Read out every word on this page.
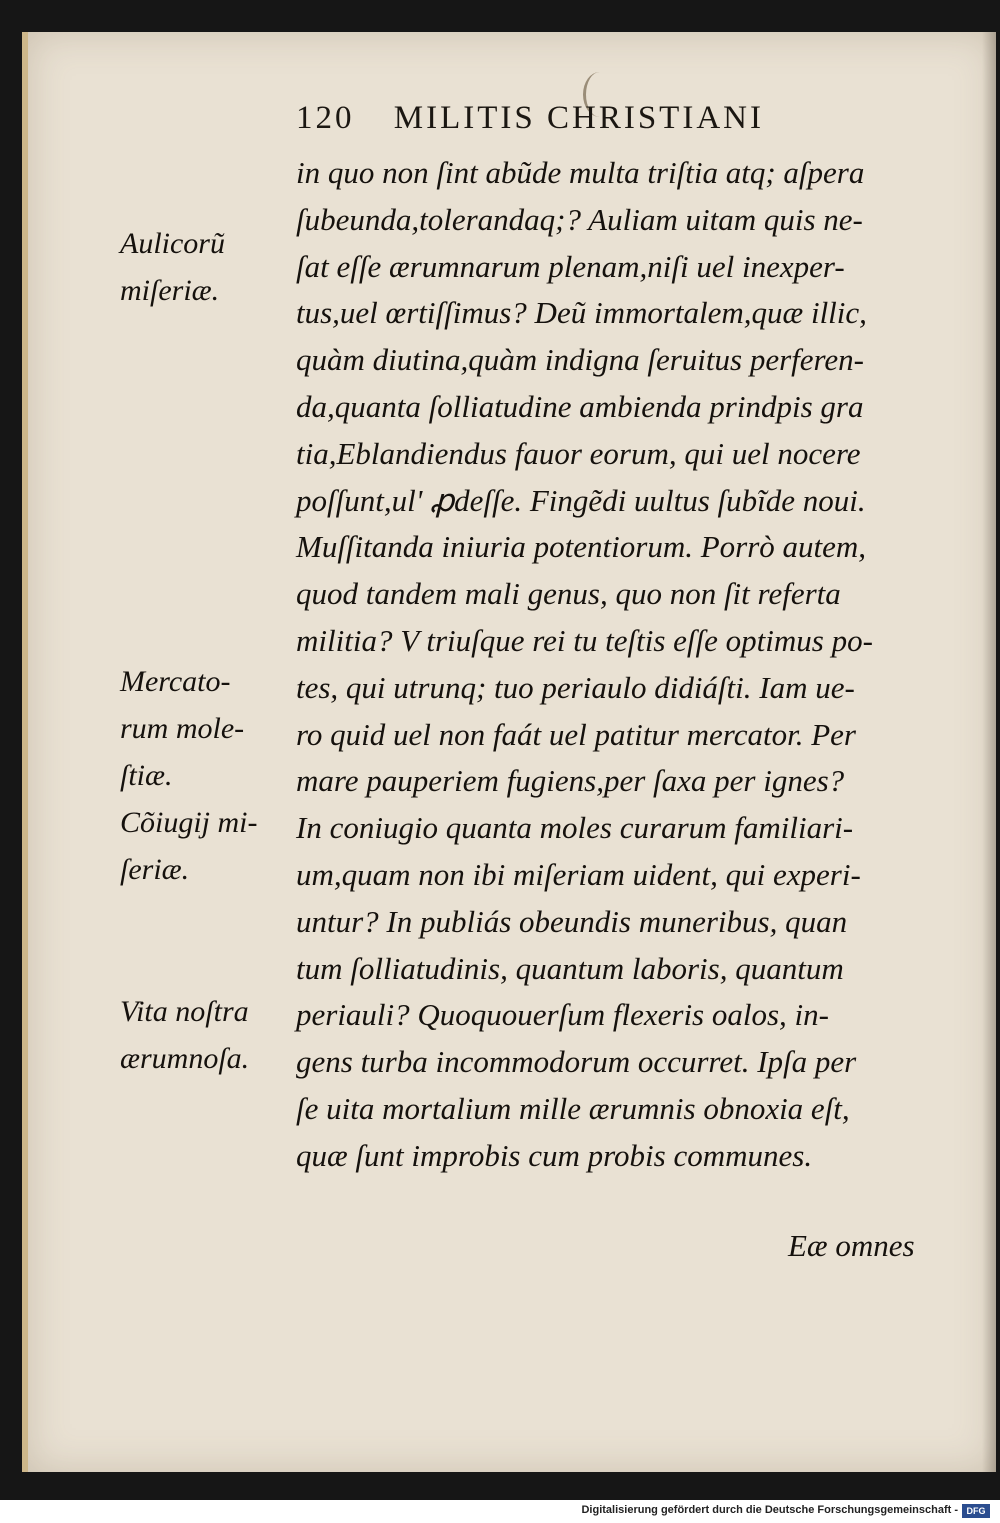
120 MILITIS CHRISTIANI
in quo non ſint abũde multa triſtia atq; aſpera
ſubeunda,tolerandaq;? Auliam uitam quis ne-
ſat eſſe ærumnarum plenam,niſi uel inexper-
tus,uel œrtiſſimus? Deũ immortalem,quæ illic,
quàm diutina,quàm indigna ſeruitus perferen-
da,quanta ſolliatudine ambienda prindpis gra
tia,Eblandiendus fauor eorum, qui uel nocere
poſſunt,ul' ꝓdeſſe. Fingẽdi uultus ſubĩde noui.
Muſſitanda iniuria potentiorum. Porrò autem,
quod tandem mali genus, quo non ſit referta
militia? V triuſque rei tu teſtis eſſe optimus po-
tes, qui utrunq; tuo periaulo didiáſti. Iam ue-
ro quid uel non faát uel patitur mercator. Per
mare pauperiem fugiens,per ſaxa per ignes?
In coniugio quanta moles curarum familiari-
um,quam non ibi miſeriam uident, qui experi-
untur? In publiás obeundis muneribus, quan
tum ſolliatudinis, quantum laboris, quantum
periauli? Quoquouerſum flexeris oalos, in-
gens turba incommodorum occurret. Ipſa per
ſe uita mortalium mille ærumnis obnoxia eſt,
quæ ſunt improbis cum probis communes.
Eæ omnes
Aulicorũ
miſeriæ.
Mercato-
rum mole-
ſtiæ.
Cõiugij mi-
ſeriæ.
Vita noſtra
ærumnoſa.
Digitalisierung gefördert durch die Deutsche Forschungsgemeinschaft - DFG
